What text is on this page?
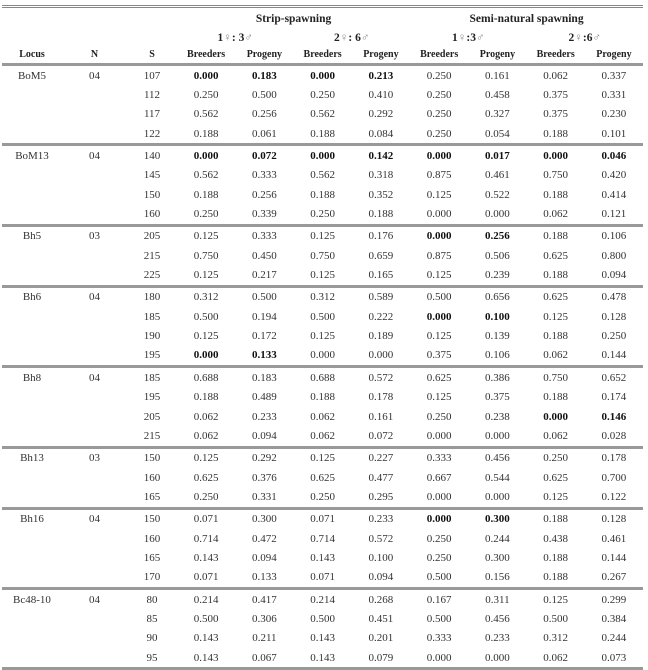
			Strip-spawning				Semi-natural spawning			
			1♀: 3♂		2♀: 6♂		1♀:3♂		2♀:6♂	
Locus	N	S	Breeders	Progeny	Breeders	Progeny	Breeders	Progeny	Breeders	Progeny
BoM5	04	107	0.000	0.183	0.000	0.213	0.250	0.161	0.062	0.337
		112	0.250	0.500	0.250	0.410	0.250	0.458	0.375	0.331
		117	0.562	0.256	0.562	0.292	0.250	0.327	0.375	0.230
		122	0.188	0.061	0.188	0.084	0.250	0.054	0.188	0.101
BoM13	04	140	0.000	0.072	0.000	0.142	0.000	0.017	0.000	0.046
		145	0.562	0.333	0.562	0.318	0.875	0.461	0.750	0.420
		150	0.188	0.256	0.188	0.352	0.125	0.522	0.188	0.414
		160	0.250	0.339	0.250	0.188	0.000	0.000	0.062	0.121
Bh5	03	205	0.125	0.333	0.125	0.176	0.000	0.256	0.188	0.106
		215	0.750	0.450	0.750	0.659	0.875	0.506	0.625	0.800
		225	0.125	0.217	0.125	0.165	0.125	0.239	0.188	0.094
Bh6	04	180	0.312	0.500	0.312	0.589	0.500	0.656	0.625	0.478
		185	0.500	0.194	0.500	0.222	0.000	0.100	0.125	0.128
		190	0.125	0.172	0.125	0.189	0.125	0.139	0.188	0.250
		195	0.000	0.133	0.000	0.000	0.375	0.106	0.062	0.144
Bh8	04	185	0.688	0.183	0.688	0.572	0.625	0.386	0.750	0.652
		195	0.188	0.489	0.188	0.178	0.125	0.375	0.188	0.174
		205	0.062	0.233	0.062	0.161	0.250	0.238	0.000	0.146
		215	0.062	0.094	0.062	0.072	0.000	0.000	0.062	0.028
Bh13	03	150	0.125	0.292	0.125	0.227	0.333	0.456	0.250	0.178
		160	0.625	0.376	0.625	0.477	0.667	0.544	0.625	0.700
		165	0.250	0.331	0.250	0.295	0.000	0.000	0.125	0.122
Bh16	04	150	0.071	0.300	0.071	0.233	0.000	0.300	0.188	0.128
		160	0.714	0.472	0.714	0.572	0.250	0.244	0.438	0.461
		165	0.143	0.094	0.143	0.100	0.250	0.300	0.188	0.144
		170	0.071	0.133	0.071	0.094	0.500	0.156	0.188	0.267
Bc48-10	04	80	0.214	0.417	0.214	0.268	0.167	0.311	0.125	0.299
		85	0.500	0.306	0.500	0.451	0.500	0.456	0.500	0.384
		90	0.143	0.211	0.143	0.201	0.333	0.233	0.312	0.244
		95	0.143	0.067	0.143	0.079	0.000	0.000	0.062	0.073
